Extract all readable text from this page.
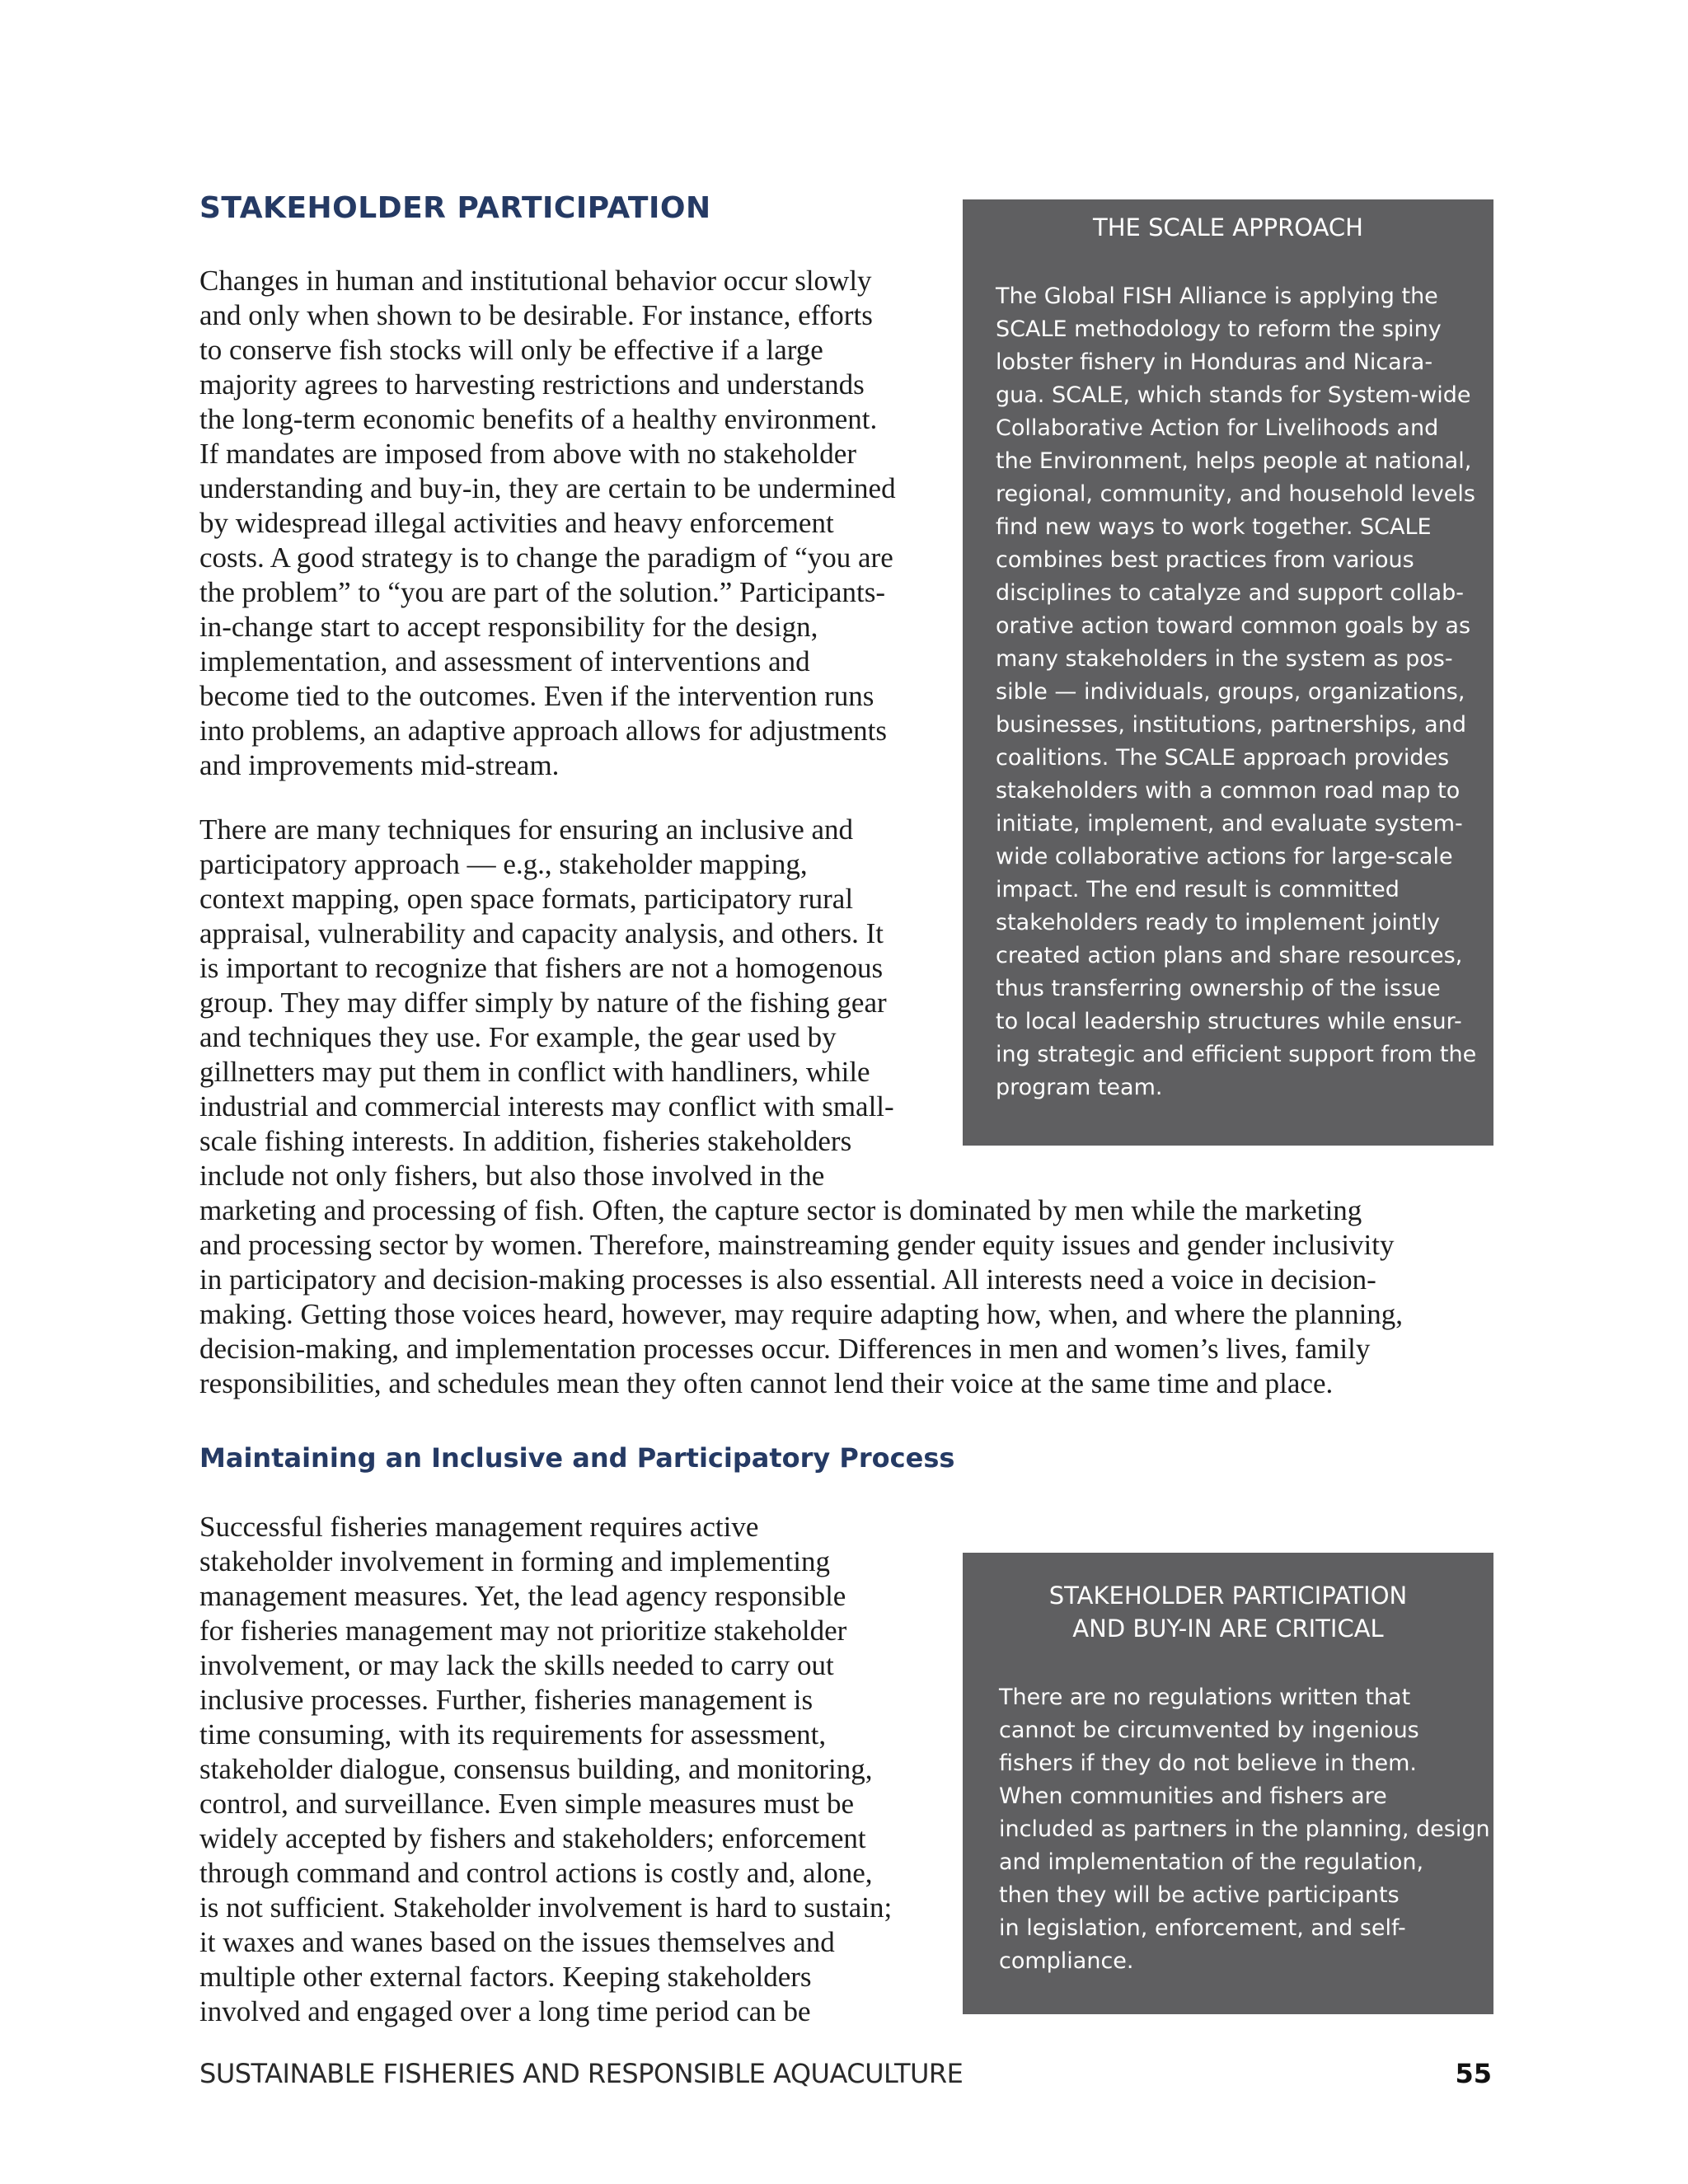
STAKEHOLDER PARTICIPATION
Changes in human and institutional behavior occur slowly
and only when shown to be desirable. For instance, efforts
to conserve fish stocks will only be effective if a large
majority agrees to harvesting restrictions and understands
the long-term economic benefits of a healthy environment.
If mandates are imposed from above with no stakeholder
understanding and buy-in, they are certain to be undermined
by widespread illegal activities and heavy enforcement
costs. A good strategy is to change the paradigm of “you are
the problem” to “you are part of the solution.” Participants-
in-change start to accept responsibility for the design,
implementation, and assessment of interventions and
become tied to the outcomes. Even if the intervention runs
into problems, an adaptive approach allows for adjustments
and improvements mid-stream.
There are many techniques for ensuring an inclusive and
participatory approach — e.g., stakeholder mapping,
context mapping, open space formats, participatory rural
appraisal, vulnerability and capacity analysis, and others. It
is important to recognize that fishers are not a homogenous
group. They may differ simply by nature of the fishing gear
and techniques they use. For example, the gear used by
gillnetters may put them in conflict with handliners, while
industrial and commercial interests may conflict with small-
scale fishing interests. In addition, fisheries stakeholders
include not only fishers, but also those involved in the
marketing and processing of fish. Often, the capture sector is dominated by men while the marketing
and processing sector by women. Therefore, mainstreaming gender equity issues and gender inclusivity
in participatory and decision-making processes is also essential. All interests need a voice in decision-
making. Getting those voices heard, however, may require adapting how, when, and where the planning,
decision-making, and implementation processes occur. Differences in men and women’s lives, family
responsibilities, and schedules mean they often cannot lend their voice at the same time and place.
Maintaining an Inclusive and Participatory Process
Successful fisheries management requires active
stakeholder involvement in forming and implementing
management measures. Yet, the lead agency responsible
for fisheries management may not prioritize stakeholder
involvement, or may lack the skills needed to carry out
inclusive processes. Further, fisheries management is
time consuming, with its requirements for assessment,
stakeholder dialogue, consensus building, and monitoring,
control, and surveillance. Even simple measures must be
widely accepted by fishers and stakeholders; enforcement
through command and control actions is costly and, alone,
is not sufficient. Stakeholder involvement is hard to sustain;
it waxes and wanes based on the issues themselves and
multiple other external factors. Keeping stakeholders
involved and engaged over a long time period can be
THE SCALE APPROACH
The Global FISH Alliance is applying the
SCALE methodology to reform the spiny
lobster fishery in Honduras and Nicara-
gua. SCALE, which stands for System-wide
Collaborative Action for Livelihoods and
the Environment, helps people at national,
regional, community, and household levels
find new ways to work together. SCALE
combines best practices from various
disciplines to catalyze and support collab-
orative action toward common goals by as
many stakeholders in the system as pos-
sible — individuals, groups, organizations,
businesses, institutions, partnerships, and
coalitions. The SCALE approach provides
stakeholders with a common road map to
initiate, implement, and evaluate system-
wide collaborative actions for large-scale
impact. The end result is committed
stakeholders ready to implement jointly
created action plans and share resources,
thus transferring ownership of the issue
to local leadership structures while ensur-
ing strategic and efficient support from the
program team.
STAKEHOLDER PARTICIPATION
AND BUY-IN ARE CRITICAL
There are no regulations written that
cannot be circumvented by ingenious
fishers if they do not believe in them.
When communities and fishers are
included as partners in the planning, design
and implementation of the regulation,
then they will be active participants
in legislation, enforcement, and self-
compliance.
SUSTAINABLE FISHERIES AND RESPONSIBLE AQUACULTURE	55
